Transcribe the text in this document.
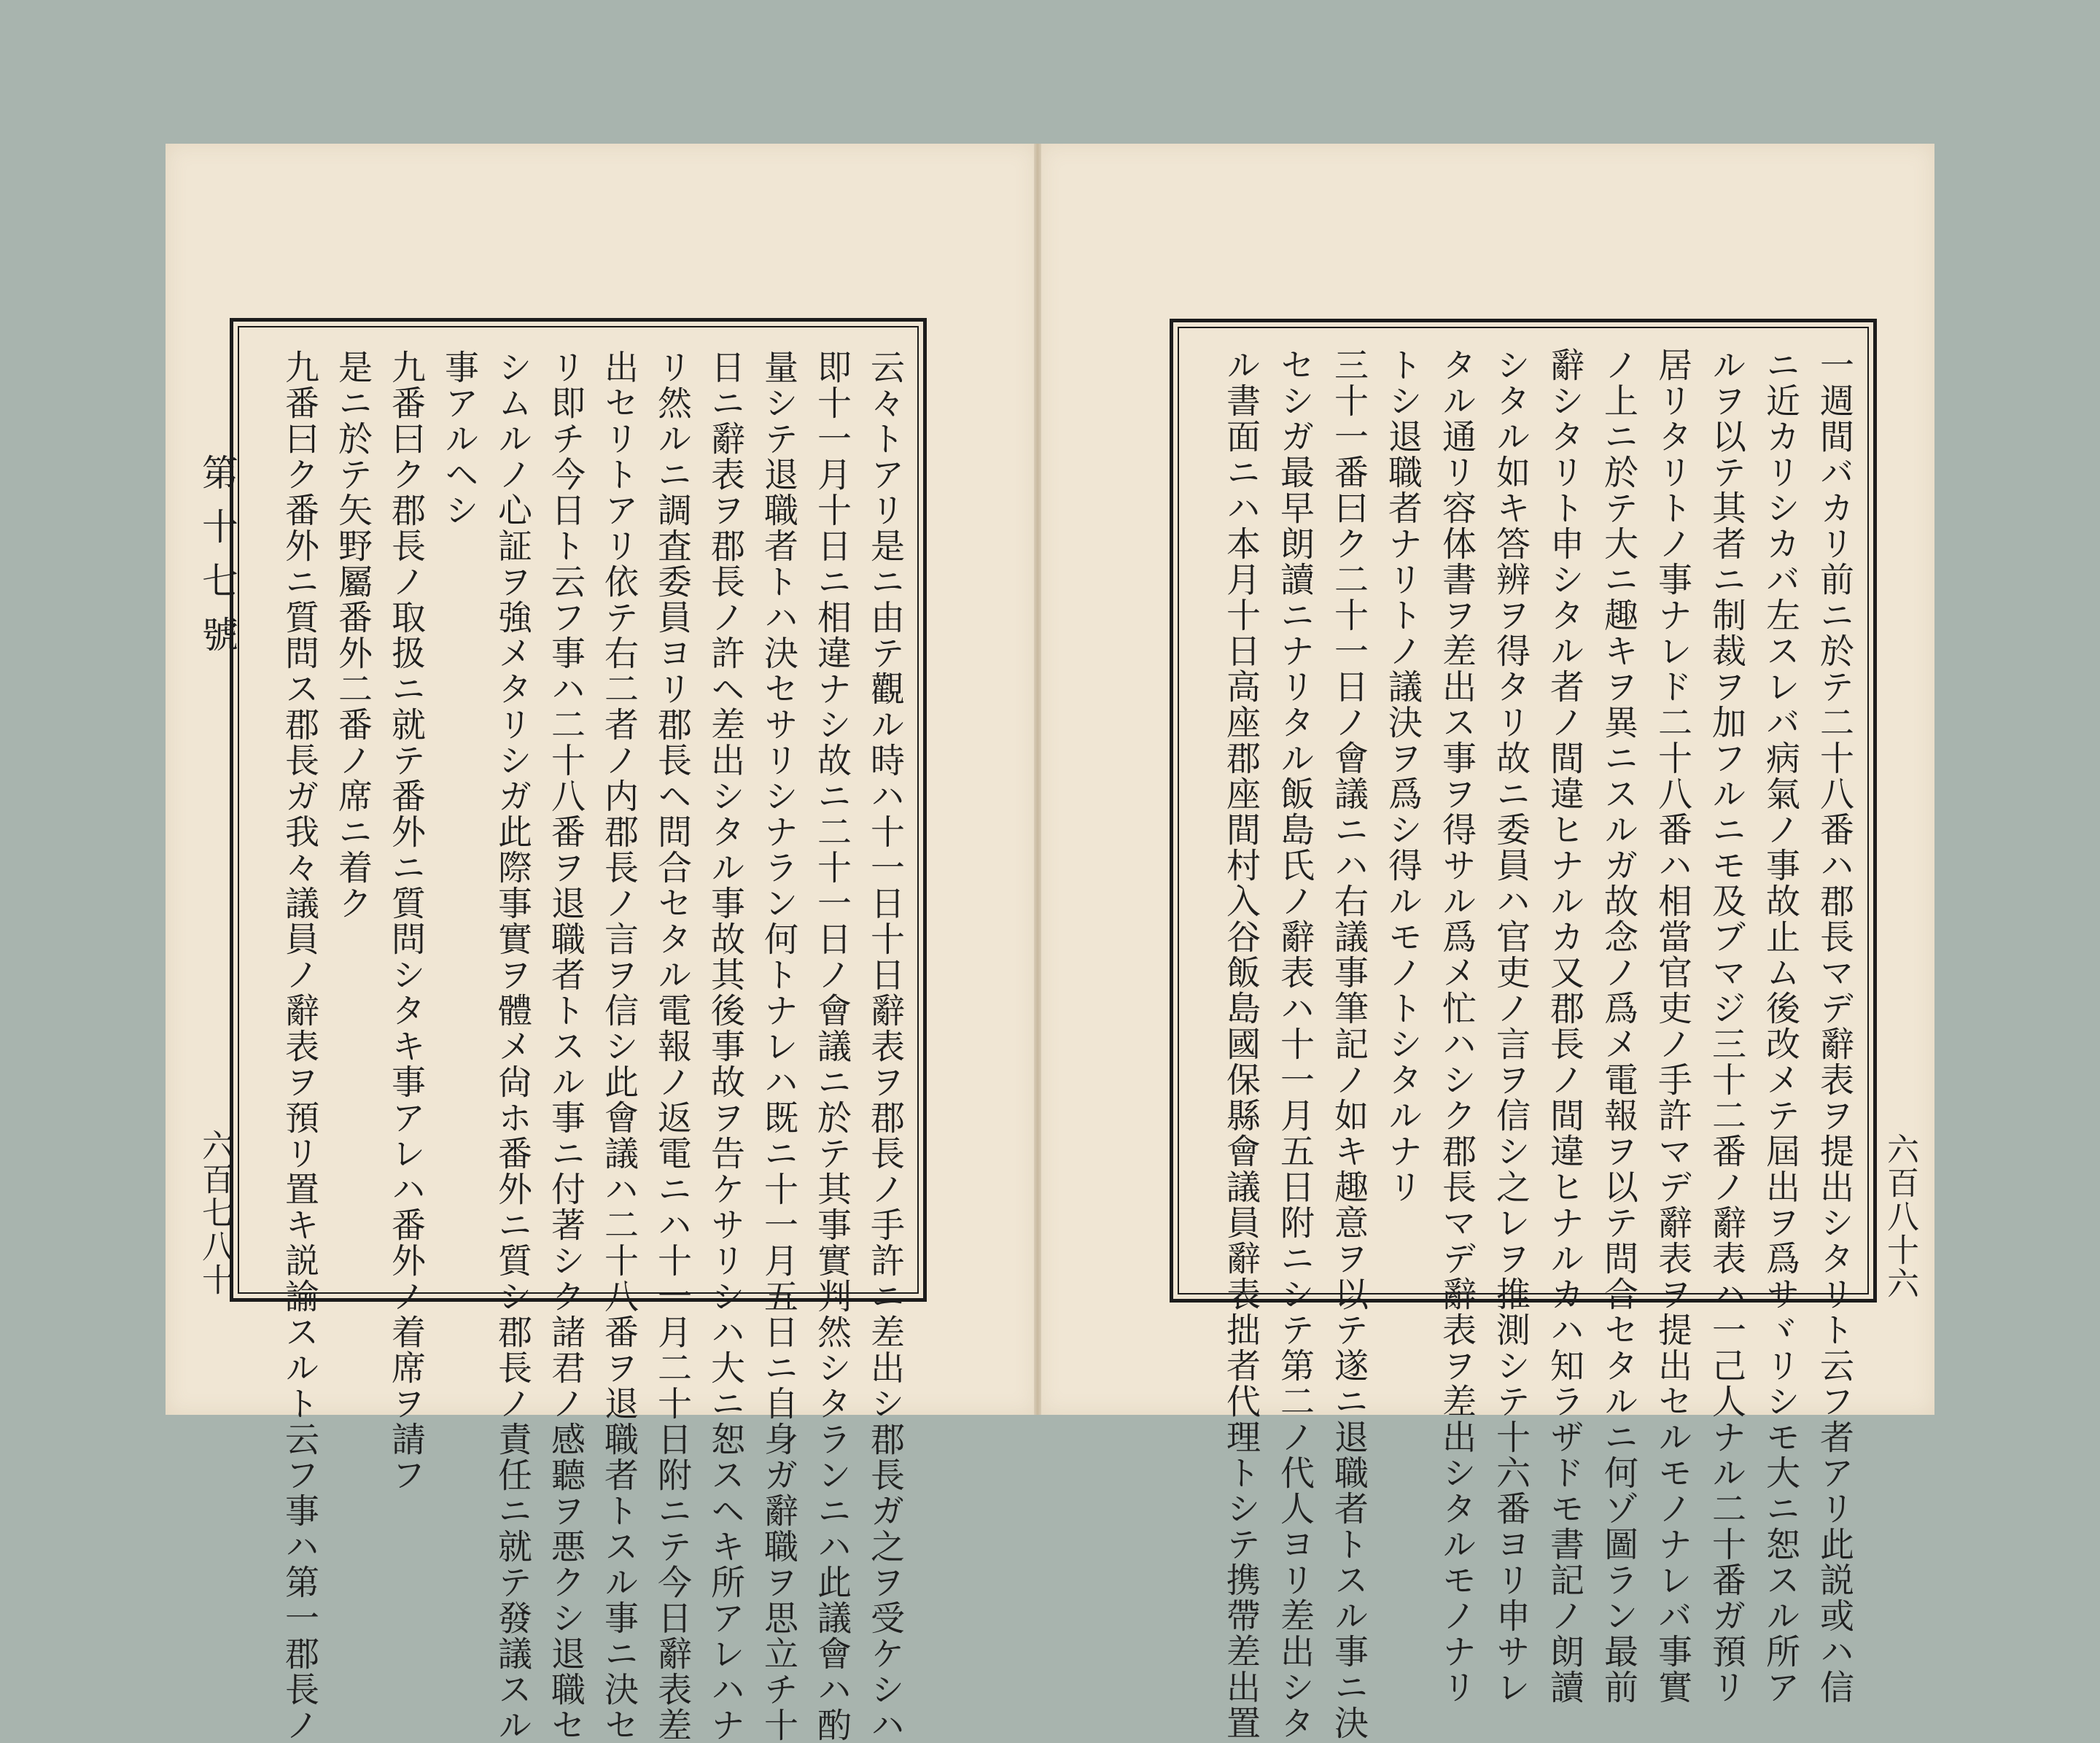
第十七號
六百七八十	六百八十六
云々トアリ是ニ由テ觀ル時ハ十一日十日辭表ヲ郡長ノ手許ニ差出シ郡長ガ之ヲ受ケシハ
即十一月十日ニ相違ナシ故ニ二十一日ノ會議ニ於テ其事實判然シタランニハ此議會ハ酌
量シテ退職者トハ決セサリシナラン何トナレハ既ニ十一月五日ニ自身ガ辭職ヲ思立チ十
日ニ辭表ヲ郡長ノ許ヘ差出シタル事故其後事故ヲ告ケサリシハ大ニ恕スヘキ所アレハナ
リ然ルニ調査委員ヨリ郡長ヘ問合セタル電報ノ返電ニハ十一月二十日附ニテ今日辭表差
出セリトアリ依テ右二者ノ内郡長ノ言ヲ信シ此會議ハ二十八番ヲ退職者トスル事ニ決セ
リ即チ今日ト云フ事ハ二十八番ヲ退職者トスル事ニ付著シク諸君ノ感聽ヲ悪クシ退職セ
シムルノ心証ヲ強メタリシガ此際事實ヲ體メ尙ホ番外ニ質シ郡長ノ責任ニ就テ發議スル
事アルヘシ
九番曰ク郡長ノ取扱ニ就テ番外ニ質問シタキ事アレハ番外ノ着席ヲ請フ
是ニ於テ矢野屬番外二番ノ席ニ着ク
九番曰ク番外ニ質問ス郡長ガ我々議員ノ辭表ヲ預リ置キ説諭スルト云フ事ハ第一郡長ノ	一週間バカリ前ニ於テ二十八番ハ郡長マデ辭表ヲ提出シタリト云フ者アリ此説或ハ信
ニ近カリシカバ左スレバ病氣ノ事故止ム後改メテ屆出ヲ爲サヾリシモ大ニ恕スル所ア
ルヲ以テ其者ニ制裁ヲ加フルニモ及ブマジ三十二番ノ辭表ハ一己人ナル二十番ガ預リ
居リタリトノ事ナレド二十八番ハ相當官吏ノ手許マデ辭表ヲ提出セルモノナレバ事實
ノ上ニ於テ大ニ趣キヲ異ニスルガ故念ノ爲メ電報ヲ以テ問合セタルニ何ゾ圖ラン最前
辭シタリト申シタル者ノ間違ヒナルカ又郡長ノ間違ヒナルカハ知ラザドモ書記ノ朗讀
シタル如キ答辨ヲ得タリ故ニ委員ハ官吏ノ言ヲ信シ之レヲ推測シテ十六番ヨリ申サレ
タル通リ容体書ヲ差出ス事ヲ得サル爲メ忙ハシク郡長マデ辭表ヲ差出シタルモノナリ
トシ退職者ナリトノ議決ヲ爲シ得ルモノトシタルナリ
三十一番曰ク二十一日ノ會議ニハ右議事筆記ノ如キ趣意ヲ以テ遂ニ退職者トスル事ニ決
セシガ最早朗讀ニナリタル飯島氏ノ辭表ハ十一月五日附ニシテ第二ノ代人ヨリ差出シタ
ル書面ニハ本月十日高座郡座間村入谷飯島國保縣會議員辭表拙者代理トシテ携帶差出置
